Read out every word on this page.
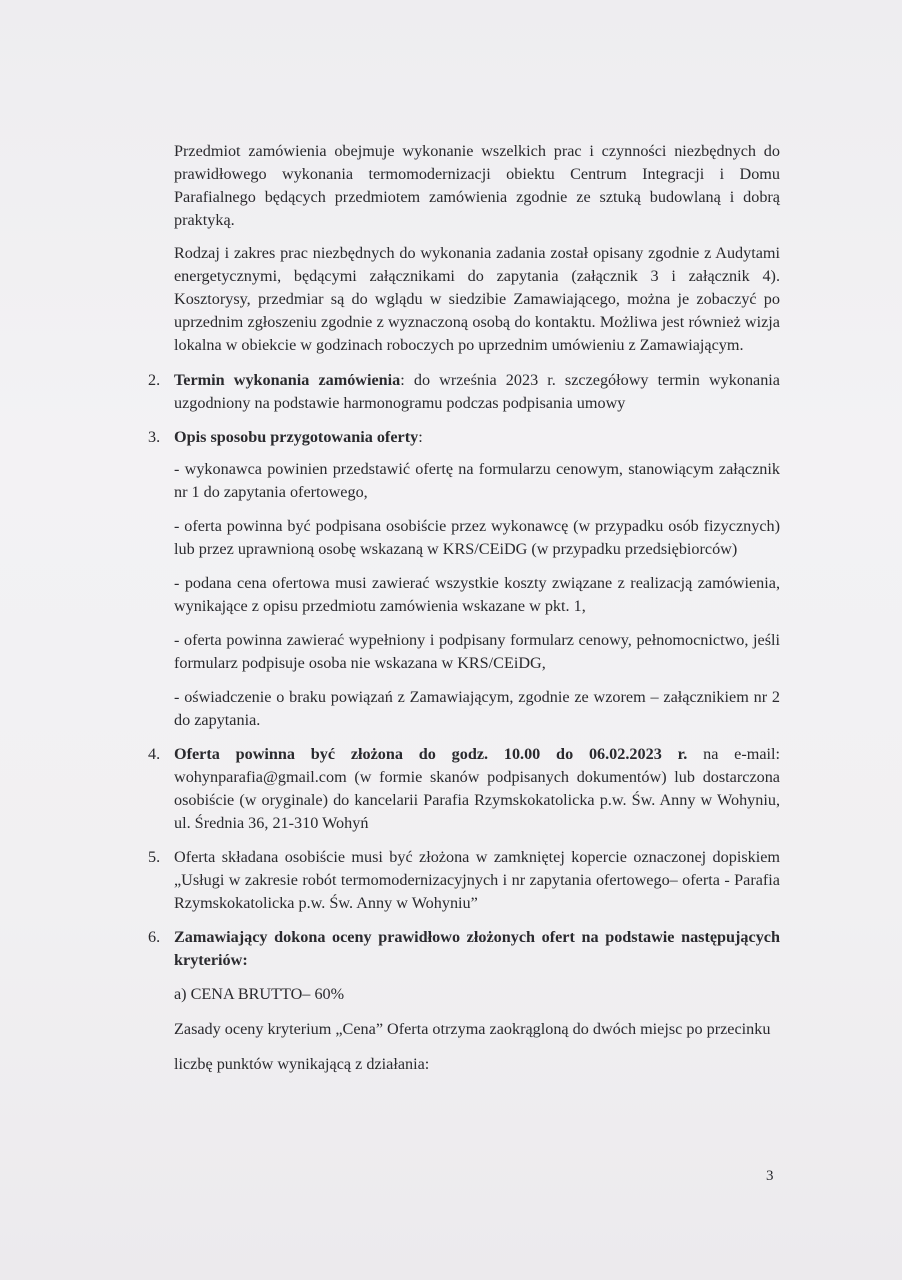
Przedmiot zamówienia obejmuje wykonanie wszelkich prac i czynności niezbędnych do prawidłowego wykonania termomodernizacji obiektu Centrum Integracji i Domu Parafialnego będących przedmiotem zamówienia zgodnie ze sztuką budowlaną i dobrą praktyką.

Rodzaj i zakres prac niezbędnych do wykonania zadania został opisany zgodnie z Audytami energetycznymi, będącymi załącznikami do zapytania (załącznik 3 i załącznik 4). Kosztorysy, przedmiar są do wglądu w siedzibie Zamawiającego, można je zobaczyć po uprzednim zgłoszeniu zgodnie z wyznaczoną osobą do kontaktu. Możliwa jest również wizja lokalna w obiekcie w godzinach roboczych po uprzednim umówieniu z Zamawiającym.

2. Termin wykonania zamówienia: do września 2023 r. szczegółowy termin wykonania uzgodniony na podstawie harmonogramu podczas podpisania umowy

3. Opis sposobu przygotowania oferty:

- wykonawca powinien przedstawić ofertę na formularzu cenowym, stanowiącym załącznik nr 1 do zapytania ofertowego,

- oferta powinna być podpisana osobiście przez wykonawcę (w przypadku osób fizycznych) lub przez uprawnioną osobę wskazaną w KRS/CEiDG (w przypadku przedsiębiorców)

- podana cena ofertowa musi zawierać wszystkie koszty związane z realizacją zamówienia, wynikające z opisu przedmiotu zamówienia wskazane w pkt. 1,

- oferta powinna zawierać wypełniony i podpisany formularz cenowy, pełnomocnictwo, jeśli formularz podpisuje osoba nie wskazana w KRS/CEiDG,

- oświadczenie o braku powiązań z Zamawiającym, zgodnie ze wzorem – załącznikiem nr 2 do zapytania.

4. Oferta powinna być złożona do godz. 10.00 do 06.02.2023 r. na e-mail: wohynparafia@gmail.com (w formie skanów podpisanych dokumentów) lub dostarczona osobiście (w oryginale) do kancelarii Parafia Rzymskokatolicka p.w. Św. Anny w Wohyniu, ul. Średnia 36, 21-310 Wohyń

5. Oferta składana osobiście musi być złożona w zamkniętej kopercie oznaczonej dopiskiem „Usługi w zakresie robót termomodernizacyjnych i nr zapytania ofertowego– oferta - Parafia Rzymskokatolicka p.w. Św. Anny w Wohyniu”

6. Zamawiający dokona oceny prawidłowo złożonych ofert na podstawie następujących kryteriów:

a) CENA BRUTTO– 60%

Zasady oceny kryterium „Cena” Oferta otrzyma zaokrągloną do dwóch miejsc po przecinku

liczbę punktów wynikającą z działania:

3
